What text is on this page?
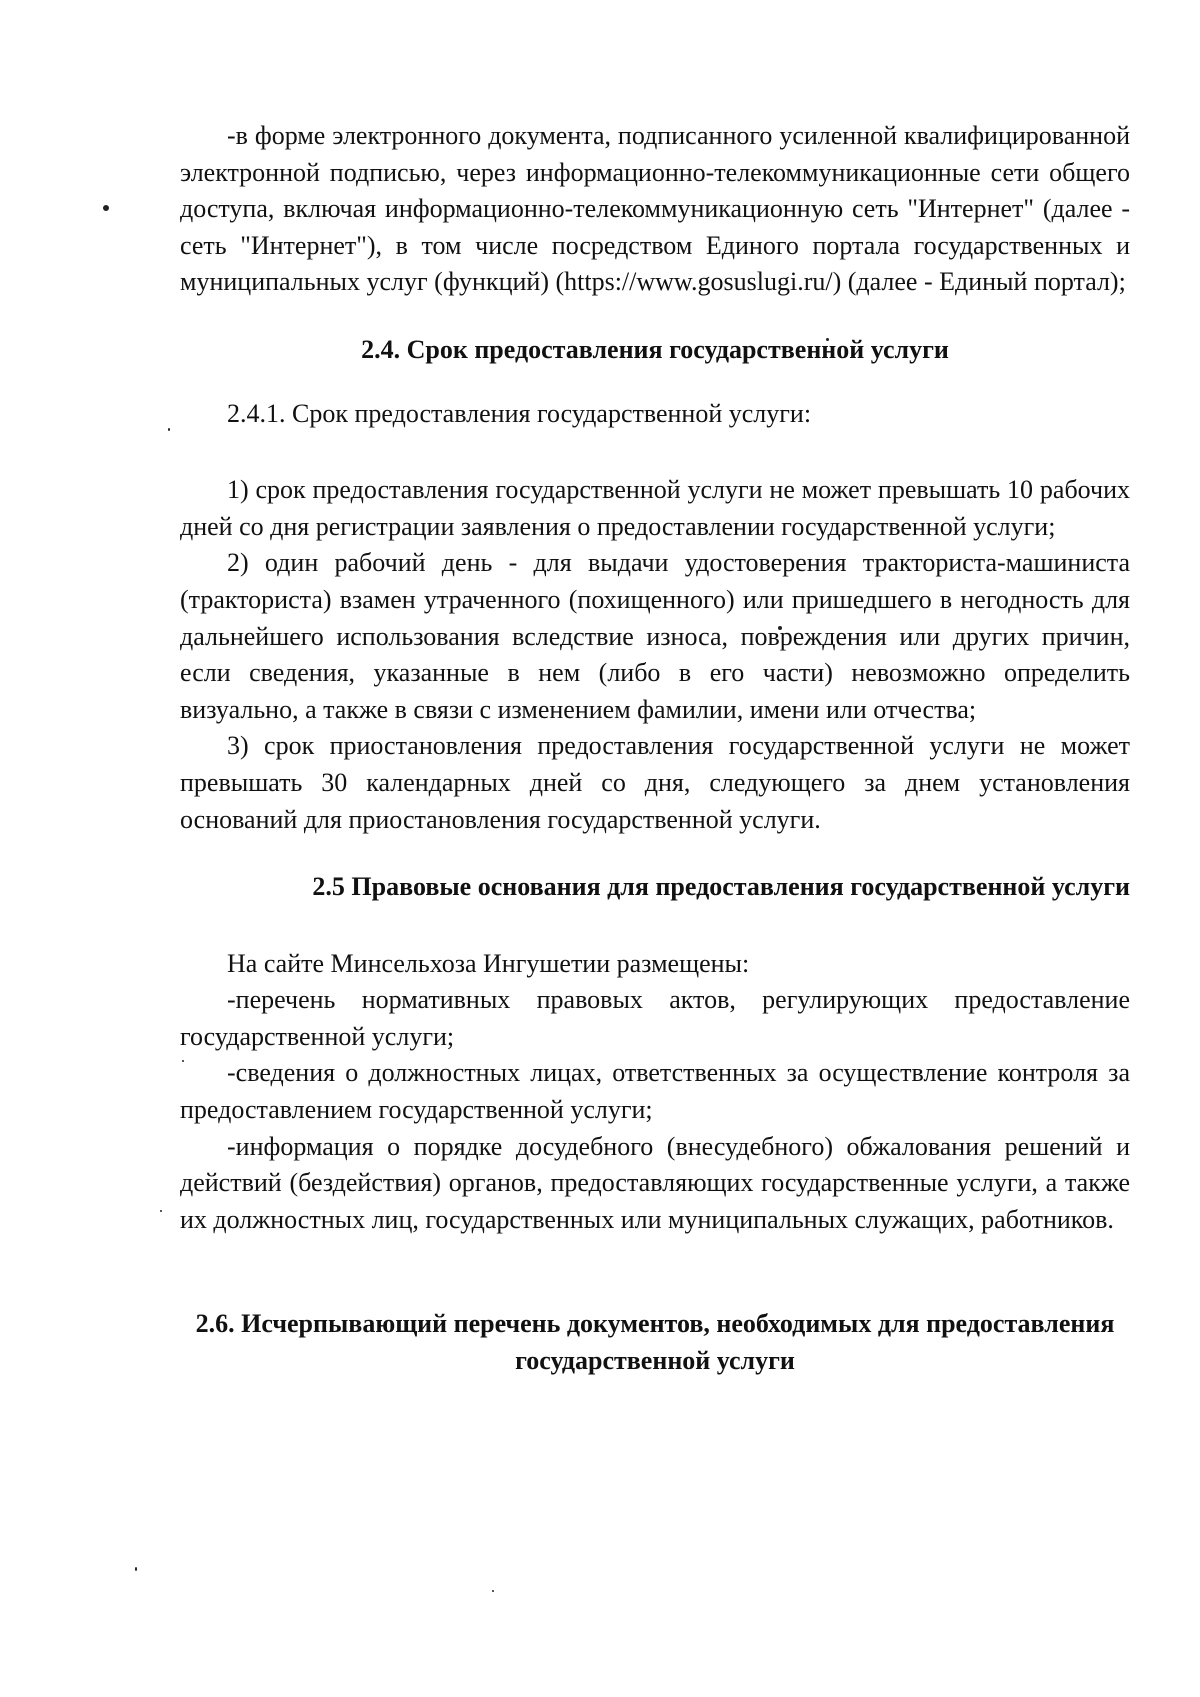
-в форме электронного документа, подписанного усиленной квалифицированной электронной подписью, через информационно-телекоммуникационные сети общего доступа, включая информационно-телекоммуникационную сеть "Интернет" (далее - сеть "Интернет"), в том числе посредством Единого портала государственных и муниципальных услуг (функций) (https://www.gosuslugi.ru/) (далее - Единый портал);

2.4. Срок предоставления государственной услуги

2.4.1. Срок предоставления государственной услуги:

1) срок предоставления государственной услуги не может превышать 10 рабочих дней со дня регистрации заявления о предоставлении государственной услуги;

2) один рабочий день - для выдачи удостоверения тракториста-машиниста (тракториста) взамен утраченного (похищенного) или пришедшего в негодность для дальнейшего использования вследствие износа, повреждения или других причин, если сведения, указанные в нем (либо в его части) невозможно определить визуально, а также в связи с изменением фамилии, имени или отчества;

3) срок приостановления предоставления государственной услуги не может превышать 30 календарных дней со дня, следующего за днем установления оснований для приостановления государственной услуги.

2.5 Правовые основания для предоставления государственной услуги

На сайте Минсельхоза Ингушетии размещены:

-перечень нормативных правовых актов, регулирующих предоставление государственной услуги;

-сведения о должностных лицах, ответственных за осуществление контроля за предоставлением государственной услуги;

-информация о порядке досудебного (внесудебного) обжалования решений и действий (бездействия) органов, предоставляющих государственные услуги, а также их должностных лиц, государственных или муниципальных служащих, работников.

2.6. Исчерпывающий перечень документов, необходимых для предоставления государственной услуги
